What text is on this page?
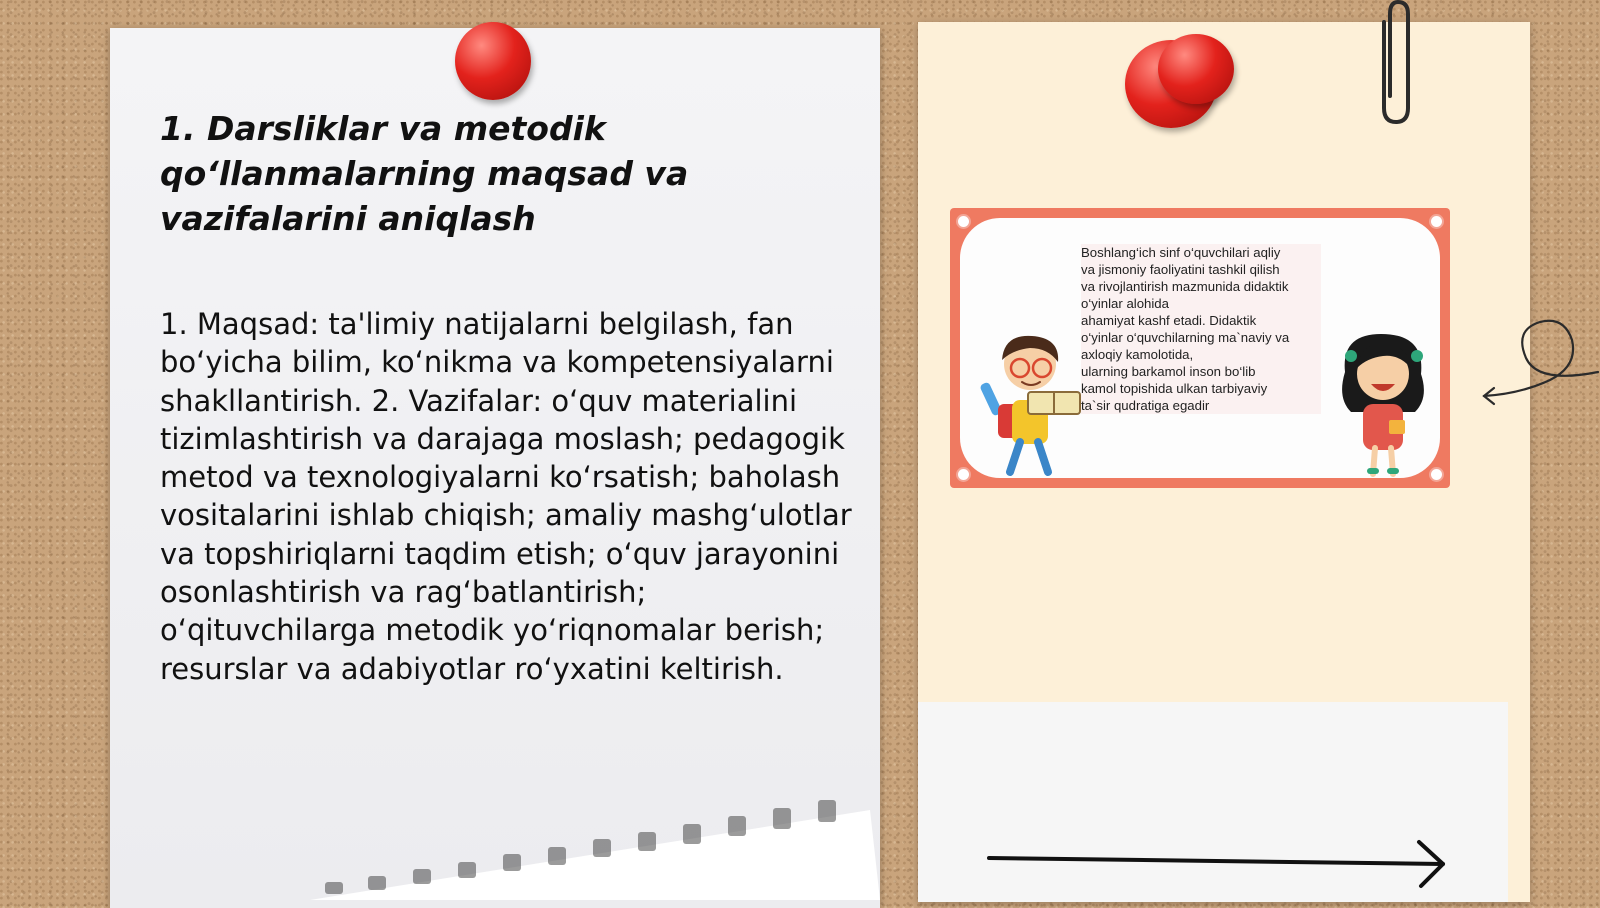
1. Darsliklar va metodik qo‘llanmalarning maqsad va vazifalarini aniqlash

1. Maqsad: ta'limiy natijalarni belgilash, fan bo‘yicha bilim, ko‘nikma va kompetensiyalarni shakllantirish. 2. Vazifalar: o‘quv materialini tizimlashtirish va darajaga moslash; pedagogik metod va texnologiyalarni ko‘rsatish; baholash vositalarini ishlab chiqish; amaliy mashg‘ulotlar va topshiriqlarni taqdim etish; o‘quv jarayonini osonlashtirish va rag‘batlantirish; o‘qituvchilarga metodik yo‘riqnomalar berish; resurslar va adabiyotlar ro‘yxatini keltirish.

Boshlang‘ich sinf o‘quvchilari aqliy
va jismoniy faoliyatini tashkil qilish
va rivojlantirish mazmunida didaktik
o‘yinlar alohida
ahamiyat kashf etadi. Didaktik
o‘yinlar o‘quvchilarning ma`naviy va
axloqiy kamolotida,
ularning barkamol inson bo‘lib
kamol topishida ulkan tarbiyaviy
ta`sir qudratiga egadir
